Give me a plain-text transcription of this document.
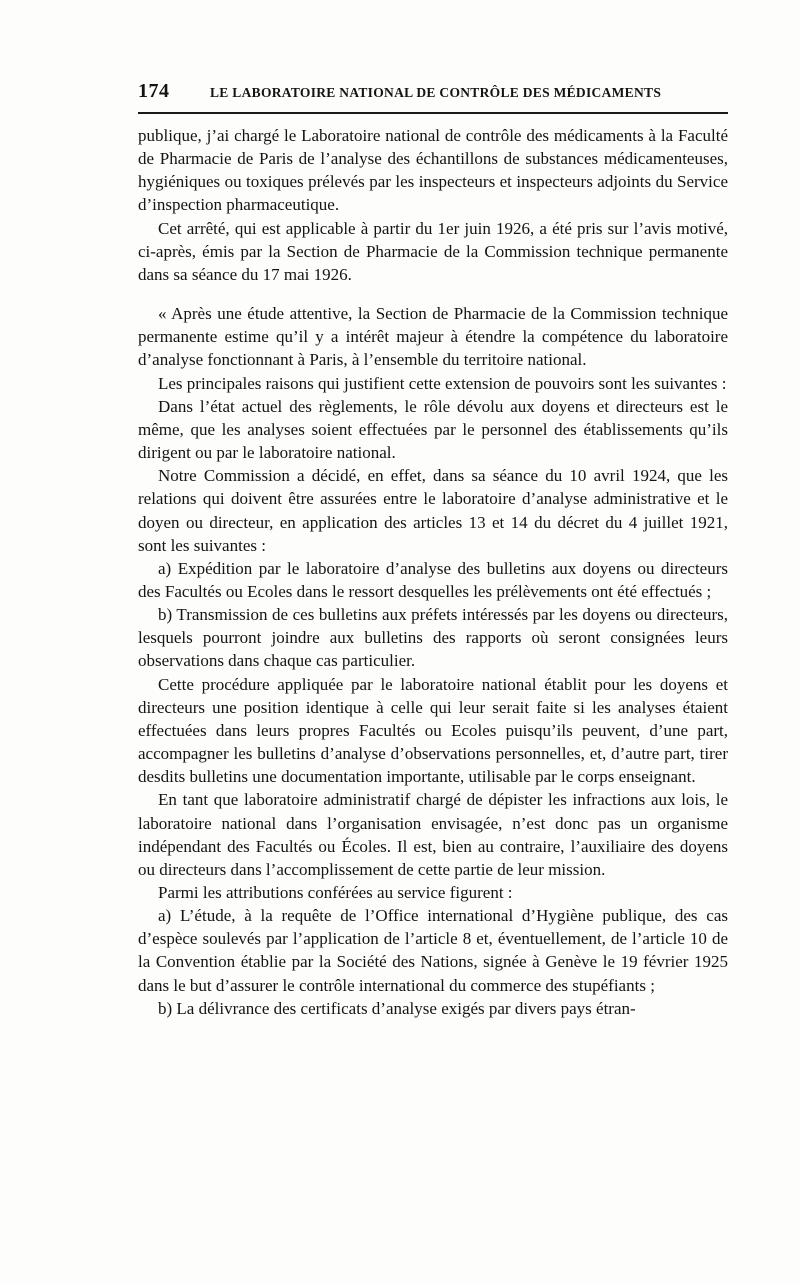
174	LE LABORATOIRE NATIONAL DE CONTRÔLE DES MÉDICAMENTS

publique, j’ai chargé le Laboratoire national de contrôle des médicaments à la Faculté de Pharmacie de Paris de l’analyse des échantillons de substances médicamenteuses, hygiéniques ou toxiques prélevés par les inspecteurs et inspecteurs adjoints du Service d’inspection pharmaceutique.

Cet arrêté, qui est applicable à partir du 1er juin 1926, a été pris sur l’avis motivé, ci-après, émis par la Section de Pharmacie de la Commission technique permanente dans sa séance du 17 mai 1926.

« Après une étude attentive, la Section de Pharmacie de la Commission technique permanente estime qu’il y a intérêt majeur à étendre la compétence du laboratoire d’analyse fonctionnant à Paris, à l’ensemble du territoire national.

Les principales raisons qui justifient cette extension de pouvoirs sont les suivantes :

Dans l’état actuel des règlements, le rôle dévolu aux doyens et directeurs est le même, que les analyses soient effectuées par le personnel des établissements qu’ils dirigent ou par le laboratoire national.

Notre Commission a décidé, en effet, dans sa séance du 10 avril 1924, que les relations qui doivent être assurées entre le laboratoire d’analyse administrative et le doyen ou directeur, en application des articles 13 et 14 du décret du 4 juillet 1921, sont les suivantes :

a) Expédition par le laboratoire d’analyse des bulletins aux doyens ou directeurs des Facultés ou Ecoles dans le ressort desquelles les prélèvements ont été effectués ;

b) Transmission de ces bulletins aux préfets intéressés par les doyens ou directeurs, lesquels pourront joindre aux bulletins des rapports où seront consignées leurs observations dans chaque cas particulier.

Cette procédure appliquée par le laboratoire national établit pour les doyens et directeurs une position identique à celle qui leur serait faite si les analyses étaient effectuées dans leurs propres Facultés ou Ecoles puisqu’ils peuvent, d’une part, accompagner les bulletins d’analyse d’observations personnelles, et, d’autre part, tirer desdits bulletins une documentation importante, utilisable par le corps enseignant.

En tant que laboratoire administratif chargé de dépister les infractions aux lois, le laboratoire national dans l’organisation envisagée, n’est donc pas un organisme indépendant des Facultés ou Écoles. Il est, bien au contraire, l’auxiliaire des doyens ou directeurs dans l’accomplissement de cette partie de leur mission.

Parmi les attributions conférées au service figurent :

a) L’étude, à la requête de l’Office international d’Hygiène publique, des cas d’espèce soulevés par l’application de l’article 8 et, éventuellement, de l’article 10 de la Convention établie par la Société des Nations, signée à Genève le 19 février 1925 dans le but d’assurer le contrôle international du commerce des stupéfiants ;

b) La délivrance des certificats d’analyse exigés par divers pays étran-
